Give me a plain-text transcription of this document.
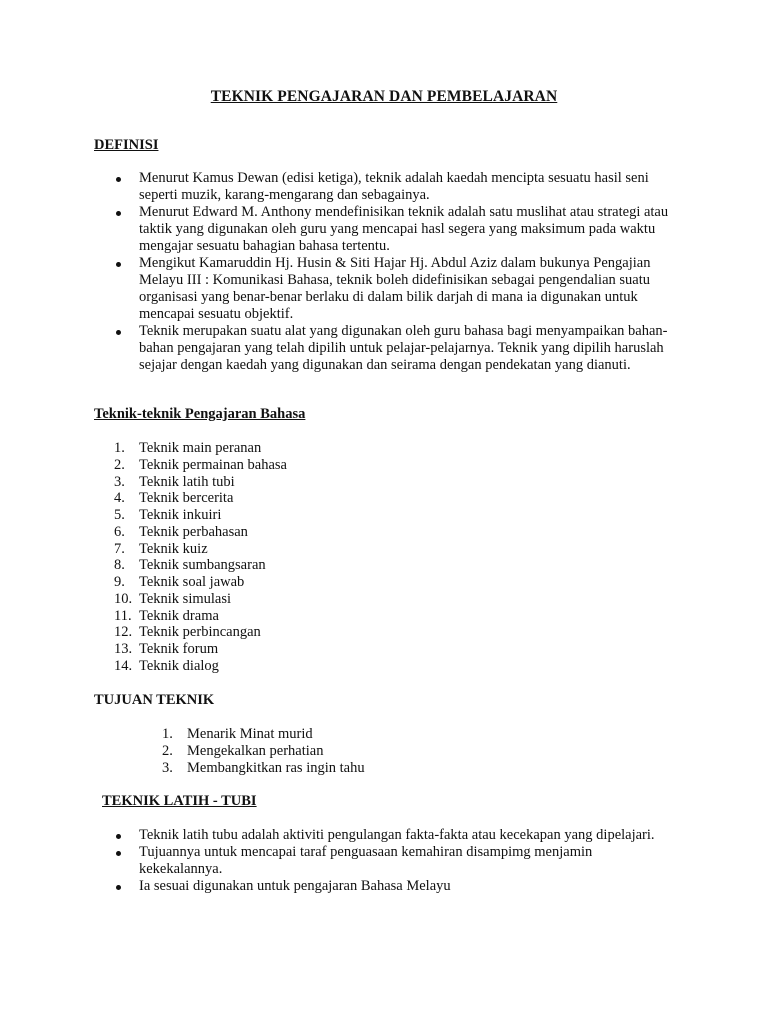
TEKNIK PENGAJARAN DAN PEMBELAJARAN
DEFINISI
Menurut Kamus Dewan (edisi ketiga), teknik adalah kaedah mencipta sesuatu hasil seni seperti muzik, karang-mengarang dan sebagainya.
Menurut Edward M. Anthony mendefinisikan teknik adalah satu muslihat atau strategi atau taktik yang digunakan oleh guru yang mencapai hasl segera yang maksimum pada waktu mengajar sesuatu bahagian bahasa tertentu.
Mengikut Kamaruddin Hj. Husin & Siti Hajar Hj. Abdul Aziz dalam bukunya Pengajian Melayu III : Komunikasi Bahasa, teknik boleh didefinisikan sebagai pengendalian suatu organisasi yang benar-benar berlaku di dalam bilik darjah di mana ia digunakan untuk mencapai sesuatu objektif.
Teknik merupakan suatu alat yang digunakan oleh guru bahasa bagi menyampaikan bahan-bahan pengajaran yang telah dipilih untuk pelajar-pelajarnya. Teknik yang dipilih haruslah sejajar dengan kaedah yang digunakan dan seirama dengan pendekatan yang dianuti.
Teknik-teknik Pengajaran Bahasa
1. Teknik main peranan
2. Teknik permainan bahasa
3. Teknik latih tubi
4. Teknik bercerita
5. Teknik inkuiri
6. Teknik perbahasan
7. Teknik kuiz
8. Teknik sumbangsaran
9. Teknik soal jawab
10. Teknik simulasi
11. Teknik drama
12. Teknik perbincangan
13. Teknik forum
14. Teknik dialog
TUJUAN TEKNIK
1. Menarik Minat murid
2. Mengekalkan perhatian
3. Membangkitkan ras ingin tahu
TEKNIK LATIH - TUBI
Teknik latih tubu adalah aktiviti pengulangan fakta-fakta atau kecekapan yang dipelajari.
Tujuannya untuk mencapai taraf penguasaan kemahiran disampimg menjamin kekekalannya.
Ia sesuai digunakan untuk pengajaran Bahasa Melayu
